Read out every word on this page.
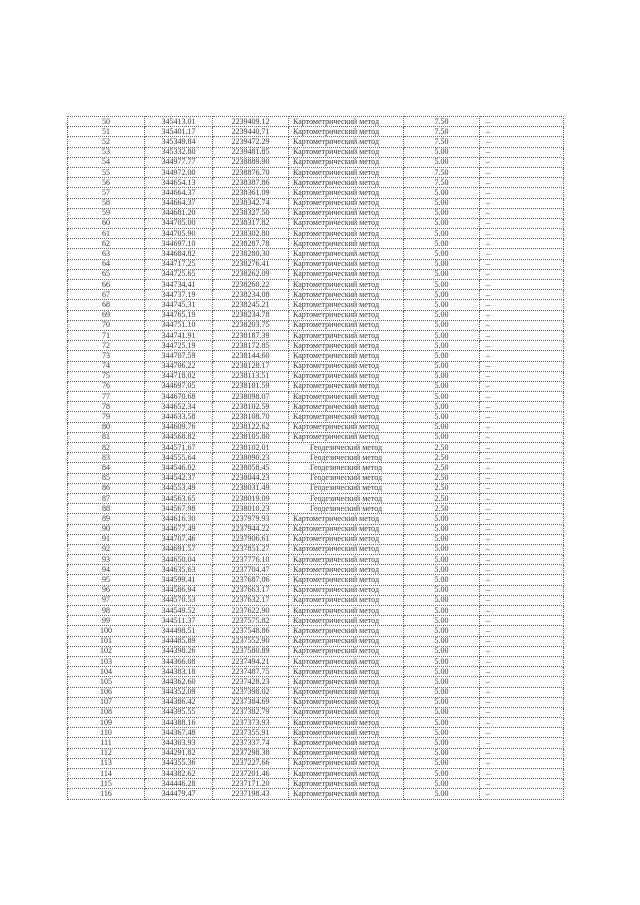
50	345413.01	2239409.12	Картометрический метод	7.50	–
51	345401.17	2239440.71	Картометрический метод	7.50	–
52	345349.84	2239472.29	Картометрический метод	7.50	–
53	345332.80	2239481.85	Картометрический метод	5.00	–
54	344977.77	2238889.90	Картометрический метод	5.00	–
55	344972.00	2238876.70	Картометрический метод	7.50	–
56	344654.13	2238387.86	Картометрический метод	7.50	–
57	344664.37	2238361.09	Картометрический метод	5.00	–
58	344664.37	2238342.74	Картометрический метод	5.00	–
59	344681.20	2238327.50	Картометрический метод	5.00	–
60	344705.00	2238317.82	Картометрический метод	5.00	–
61	344705.90	2238302.80	Картометрический метод	5.00	–
62	344697.10	2238287.78	Картометрический метод	5.00	–
63	344684.82	2238280.30	Картометрический метод	5.00	–
64	344717.25	2238276.41	Картометрический метод	5.00	–
65	344725.65	2238262.09	Картометрический метод	5.00	–
66	344734.41	2238260.22	Картометрический метод	5.00	–
67	344737.19	2238234.08	Картометрический метод	5.00	–
68	344745.31	2238245.21	Картометрический метод	5.00	–
69	344765.19	2238234.78	Картометрический метод	5.00	–
70	344751.10	2238203.75	Картометрический метод	5.00	–
71	344741.91	2238187.39	Картометрический метод	5.00	–
72	344725.19	2238172.85	Картометрический метод	5.00	–
73	344707.59	2238144.60	Картометрический метод	5.00	–
74	344706.22	2238128.17	Картометрический метод	5.00	–
75	344718.02	2238113.51	Картометрический метод	5.00	–
76	344697.05	2238101.59	Картометрический метод	5.00	–
77	344670.68	2238098.07	Картометрический метод	5.00	–
78	344652.34	2238102.59	Картометрический метод	5.00	–
79	344633.58	2238108.70	Картометрический метод	5.00	–
80	344609.76	2238122.62	Картометрический метод	5.00	–
81	344568.82	2238105.80	Картометрический метод	5.00	–
82	344571.67	2238102.01	Геодезический метод	2.50	–
83	344555.64	2238090.23	Геодезический метод	2.50	–
84	344546.02	2238058.45	Геодезический метод	2.50	–
85	344542.37	2238044.23	Геодезический метод	2.50	–
86	344553.49	2238031.49	Геодезический метод	2.50	–
87	344563.65	2238019.09	Геодезический метод	2.50	–
88	344567.98	2238010.23	Геодезический метод	2.50	–
89	344616.30	2237979.93	Картометрический метод	5.00	–
90	344677.49	2237944.22	Картометрический метод	5.00	–
91	344707.46	2237906.61	Картометрический метод	5.00	–
92	344691.57	2237851.27	Картометрический метод	5.00	–
93	344650.04	2237776.10	Картометрический метод	5.00	–
94	344635.63	2237704.47	Картометрический метод	5.00	–
95	344599.41	2237687.06	Картометрический метод	5.00	–
96	344586.94	2237663.17	Картометрический метод	5.00	–
97	344570.53	2237632.17	Картометрический метод	5.00	–
98	344549.52	2237622.90	Картометрический метод	5.00	–
99	344511.37	2237575.82	Картометрический метод	5.00	–
100	344498.51	2237548.86	Картометрический метод	5.00	–
101	344485.89	2237552.90	Картометрический метод	5.00	–
102	344398.26	2237580.89	Картометрический метод	5.00	–
103	344366.08	2237494.21	Картометрический метод	5.00	–
104	344383.18	2237487.75	Картометрический метод	5.00	–
105	344362.60	2237428.23	Картометрический метод	5.00	–
106	344352.09	2237398.02	Картометрический метод	5.00	–
107	344386.42	2237384.69	Картометрический метод	5.00	–
108	344395.55	2237382.79	Картометрический метод	5.00	–
109	344388.16	2237373.93	Картометрический метод	5.00	–
110	344367.48	2237355.91	Картометрический метод	5.00	–
111	344303.93	2237337.74	Картометрический метод	5.00	–
112	344291.82	2237298.38	Картометрический метод	5.00	–
113	344355.36	2237227.66	Картометрический метод	5.00	–
114	344382.62	2237201.46	Картометрический метод	5.00	–
115	344446.28	2237171.20	Картометрический метод	5.00	–
116	344479.47	2237198.43	Картометрический метод	5.00	–
